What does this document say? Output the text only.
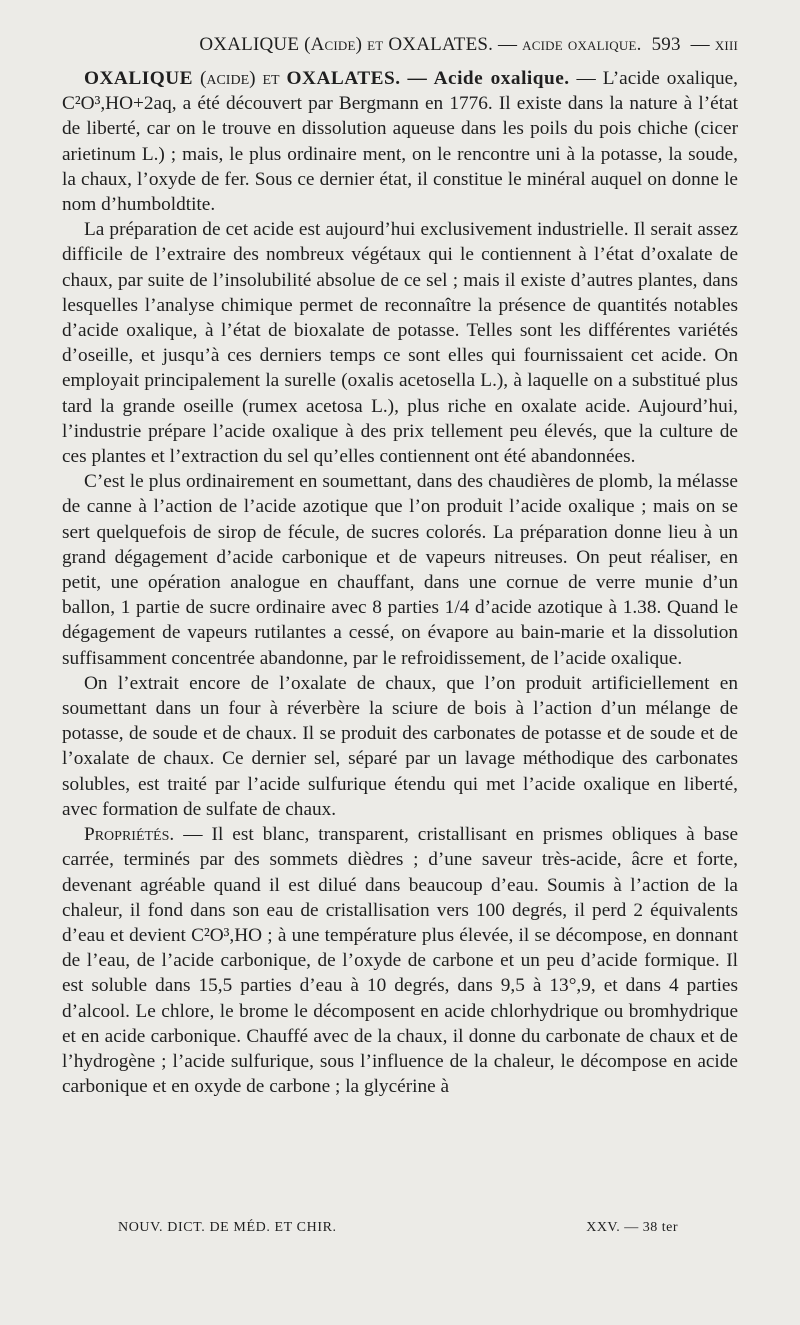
OXALIQUE (Acide) et OXALATES. — acide oxalique. 593 — xiii

OXALIQUE (acide) et OXALATES. — Acide oxalique. — L’acide oxalique, C²O³,HO+2aq, a été découvert par Bergmann en 1776. Il existe dans la nature à l’état de liberté, car on le trouve en dissolution aqueuse dans les poils du pois chiche (cicer arietinum L.) ; mais, le plus ordinaire ment, on le rencontre uni à la potasse, la soude, la chaux, l’oxyde de fer. Sous ce dernier état, il constitue le minéral auquel on donne le nom d’humboldtite.

La préparation de cet acide est aujourd’hui exclusivement industrielle. Il serait assez difficile de l’extraire des nombreux végétaux qui le contiennent à l’état d’oxalate de chaux, par suite de l’insolubilité absolue de ce sel ; mais il existe d’autres plantes, dans lesquelles l’analyse chimique permet de reconnaître la présence de quantités notables d’acide oxalique, à l’état de bioxalate de potasse. Telles sont les différentes variétés d’oseille, et jusqu’à ces derniers temps ce sont elles qui fournissaient cet acide. On employait principalement la surelle (oxalis acetosella L.), à laquelle on a substitué plus tard la grande oseille (rumex acetosa L.), plus riche en oxalate acide. Aujourd’hui, l’industrie prépare l’acide oxalique à des prix tellement peu élevés, que la culture de ces plantes et l’extraction du sel qu’elles contiennent ont été abandonnées.

C’est le plus ordinairement en soumettant, dans des chaudières de plomb, la mélasse de canne à l’action de l’acide azotique que l’on produit l’acide oxalique ; mais on se sert quelquefois de sirop de fécule, de sucres colorés. La préparation donne lieu à un grand dégagement d’acide carbonique et de vapeurs nitreuses. On peut réaliser, en petit, une opération analogue en chauffant, dans une cornue de verre munie d’un ballon, 1 partie de sucre ordinaire avec 8 parties 1/4 d’acide azotique à 1.38. Quand le dégagement de vapeurs rutilantes a cessé, on évapore au bain-marie et la dissolution suffisamment concentrée abandonne, par le refroidissement, de l’acide oxalique.

On l’extrait encore de l’oxalate de chaux, que l’on produit artificiellement en soumettant dans un four à réverbère la sciure de bois à l’action d’un mélange de potasse, de soude et de chaux. Il se produit des carbonates de potasse et de soude et de l’oxalate de chaux. Ce dernier sel, séparé par un lavage méthodique des carbonates solubles, est traité par l’acide sulfurique étendu qui met l’acide oxalique en liberté, avec formation de sulfate de chaux.

Propriétés. — Il est blanc, transparent, cristallisant en prismes obliques à base carrée, terminés par des sommets dièdres ; d’une saveur très-acide, âcre et forte, devenant agréable quand il est dilué dans beaucoup d’eau. Soumis à l’action de la chaleur, il fond dans son eau de cristallisation vers 100 degrés, il perd 2 équivalents d’eau et devient C²O³,HO ; à une température plus élevée, il se décompose, en donnant de l’eau, de l’acide carbonique, de l’oxyde de carbone et un peu d’acide formique. Il est soluble dans 15,5 parties d’eau à 10 degrés, dans 9,5 à 13°,9, et dans 4 parties d’alcool. Le chlore, le brome le décomposent en acide chlorhydrique ou bromhydrique et en acide carbonique. Chauffé avec de la chaux, il donne du carbonate de chaux et de l’hydrogène ; l’acide sulfurique, sous l’influence de la chaleur, le décompose en acide carbonique et en oxyde de carbone ; la glycérine à

NOUV. DICT. DE MÉD. ET CHIR.	XXV. — 38 ter
